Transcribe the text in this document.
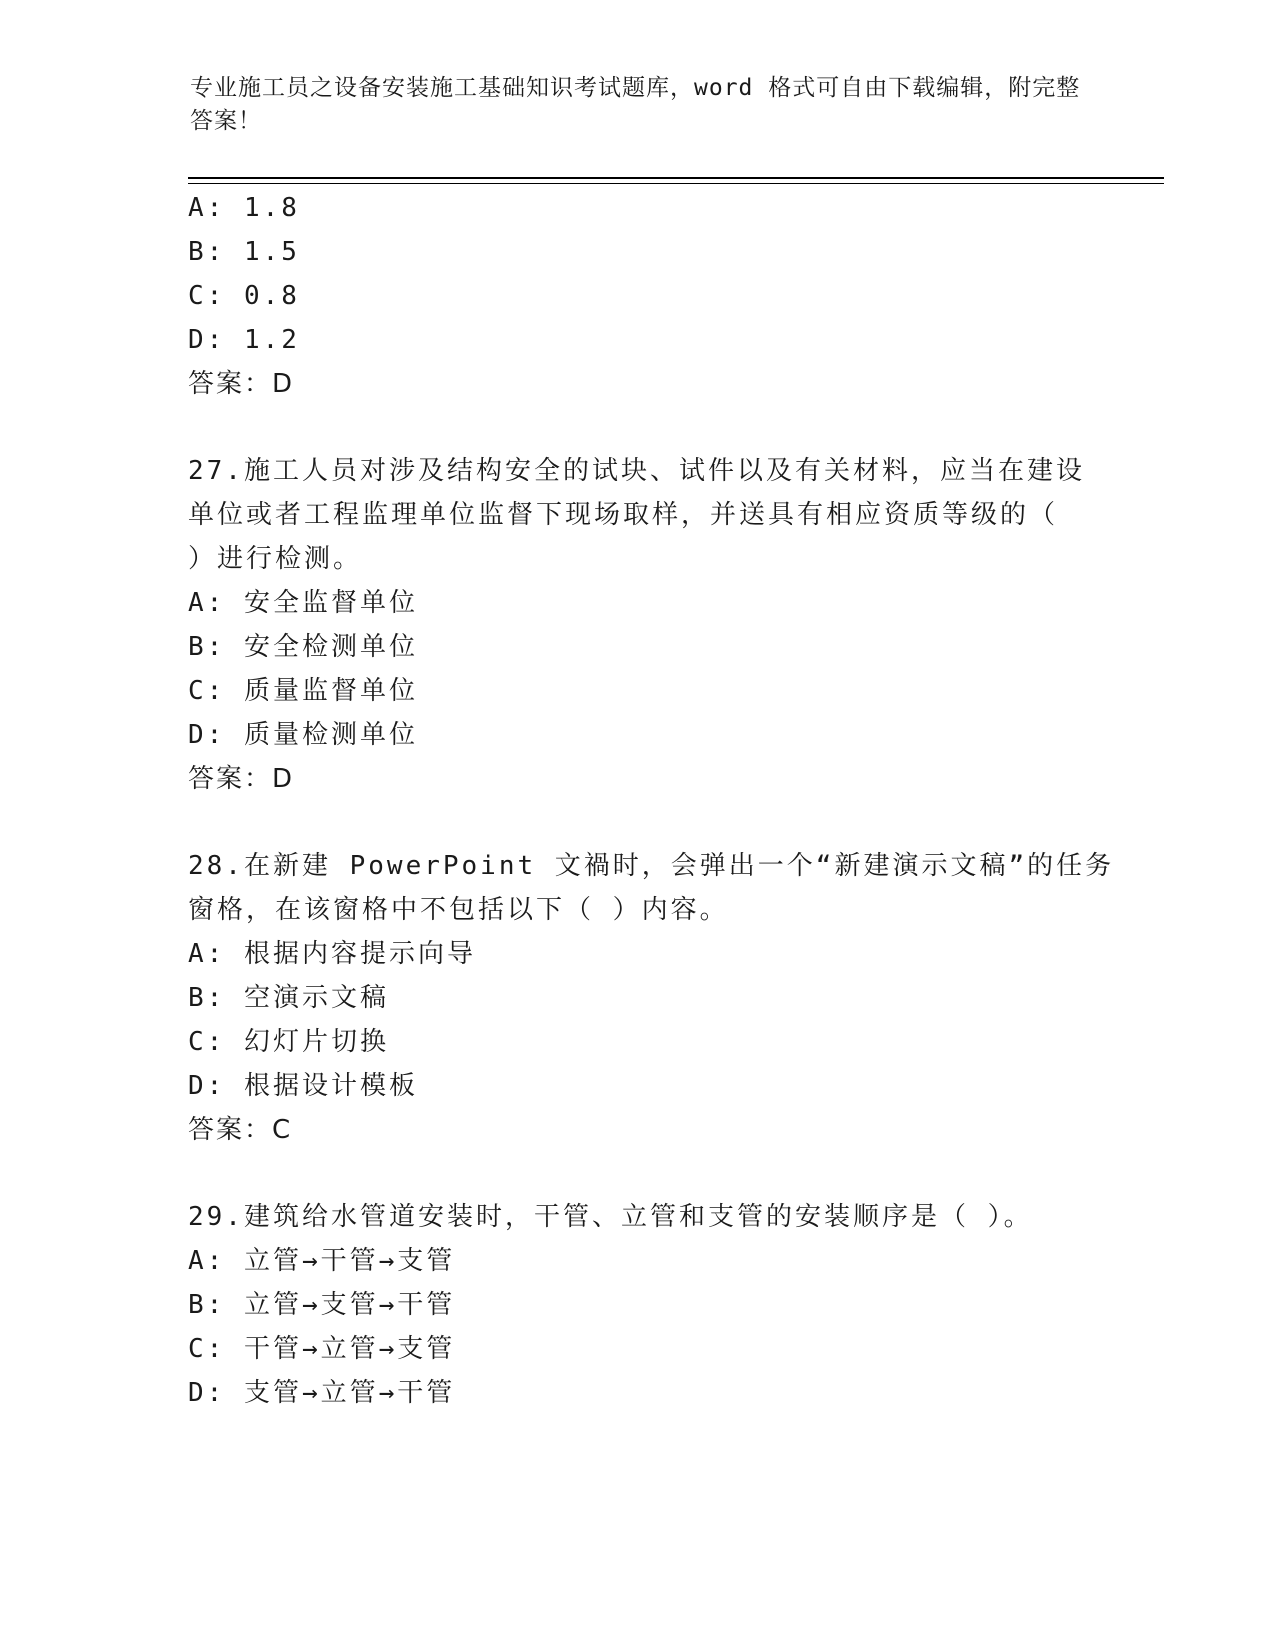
专业施工员之设备安装施工基础知识考试题库，word 格式可自由下载编辑，附完整答案！
A: 1.8
B: 1.5
C: 0.8
D: 1.2
答案：D
27.施工人员对涉及结构安全的试块、试件以及有关材料，应当在建设
单位或者工程监理单位监督下现场取样，并送具有相应资质等级的（
）进行检测。
A: 安全监督单位
B: 安全检测单位
C: 质量监督单位
D: 质量检测单位
答案：D
28.在新建 PowerPoint 文禍时，会弹出一个“新建演示文稿”的任务
窗格，在该窗格中不包括以下（ ）内容。
A: 根据内容提示向导
B: 空演示文稿
C: 幻灯片切换
D: 根据设计模板
答案：C
29.建筑给水管道安装时，干管、立管和支管的安装顺序是（ ）。
A: 立管→干管→支管
B: 立管→支管→干管
C: 干管→立管→支管
D: 支管→立管→干管
